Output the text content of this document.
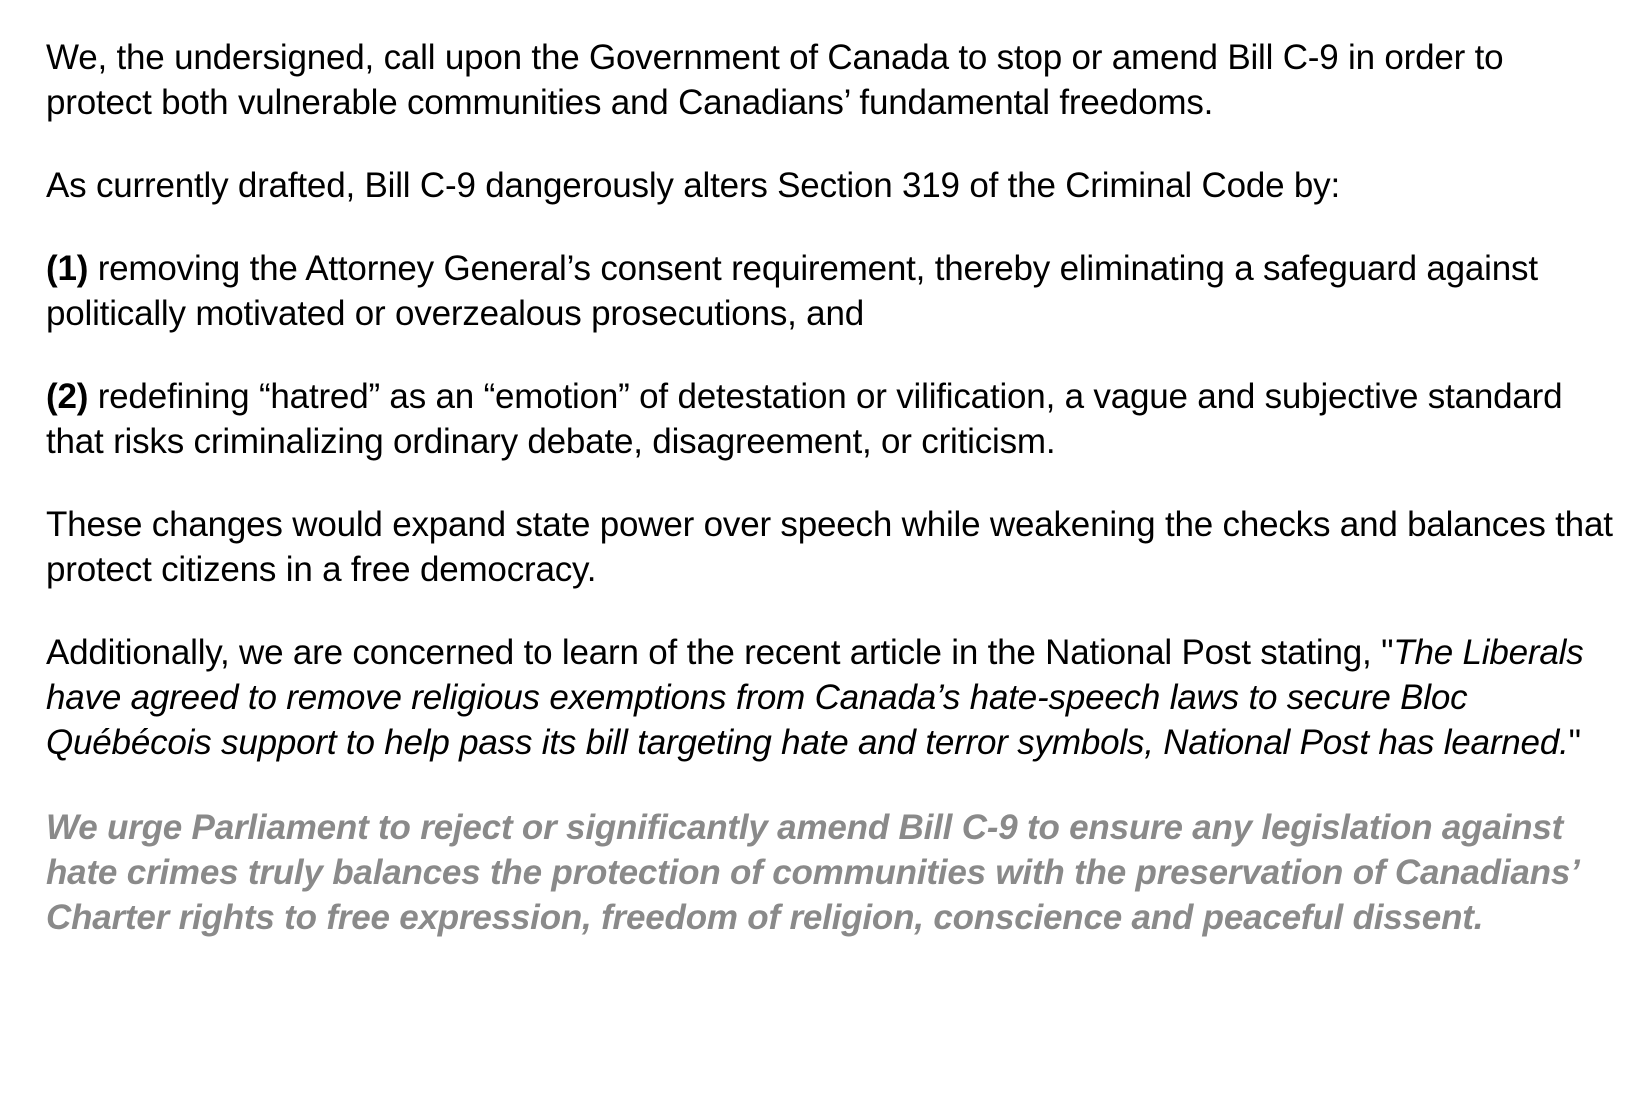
We, the undersigned, call upon the Government of Canada to stop or amend Bill C-9 in order to protect both vulnerable communities and Canadians’ fundamental freedoms.

As currently drafted, Bill C-9 dangerously alters Section 319 of the Criminal Code by:

(1) removing the Attorney General’s consent requirement, thereby eliminating a safeguard against politically motivated or overzealous prosecutions, and

(2) redefining “hatred” as an “emotion” of detestation or vilification, a vague and subjective standard that risks criminalizing ordinary debate, disagreement, or criticism.

These changes would expand state power over speech while weakening the checks and balances that protect citizens in a free democracy.

Additionally, we are concerned to learn of the recent article in the National Post stating, "The Liberals have agreed to remove religious exemptions from Canada’s hate-speech laws to secure Bloc Québécois support to help pass its bill targeting hate and terror symbols, National Post has learned."

We urge Parliament to reject or significantly amend Bill C-9 to ensure any legislation against hate crimes truly balances the protection of communities with the preservation of Canadians’ Charter rights to free expression, freedom of religion, conscience and peaceful dissent.
